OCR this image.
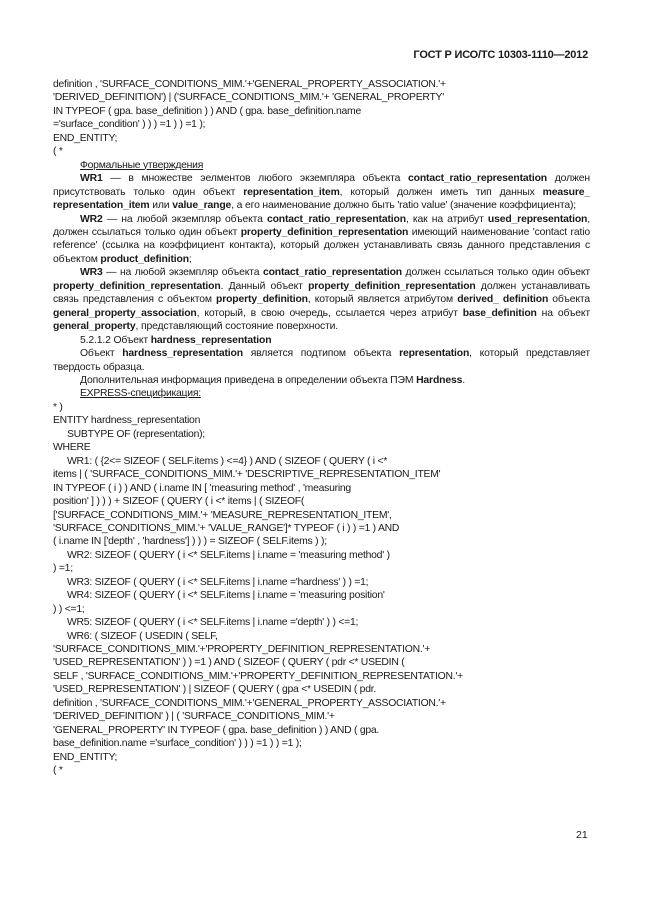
ГОСТ Р ИСО/ТС 10303-1110—2012
definition , 'SURFACE_CONDITIONS_MIM.'+'GENERAL_PROPERTY_ASSOCIATION.'+
'DERIVED_DEFINITION') | ('SURFACE_CONDITIONS_MIM.'+ 'GENERAL_PROPERTY'
IN TYPEOF ( gpa. base_definition ) ) AND ( gpa. base_definition.name
='surface_condition' ) ) ) =1 ) ) =1 );
END_ENTITY;
( *
Формальные утверждения
WR1 — в множестве эелментов любого экземпляра объекта contact_ratio_representation должен присутствовать только один объект representation_item, который должен иметь тип данных measure_ representation_item или value_range, а его наименование должно быть 'ratio value' (значение коэффициента);
WR2 — на любой экземпляр объекта contact_ratio_representation, как на атрибут used_representation, должен ссылаться только один объект property_definition_representation имеющий наименование 'contact ratio reference' (ссылка на коэффициент контакта), который должен устанавливать связь данного представления с объектом product_definition;
WR3 — на любой экземпляр объекта contact_ratio_representation должен ссылаться только один объект property_definition_representation. Данный объект property_definition_representation должен устанавливать связь представления с объектом property_definition, который является атрибутом derived_ definition объекта general_property_association, который, в свою очередь, ссылается через атрибут base_definition на объект general_property, представляющий состояние поверхности.
5.2.1.2 Объект hardness_representation
Объект hardness_representation является подтипом объекта representation, который представляет твердость образца.
Дополнительная информация приведена в определении объекта ПЭМ Hardness.
EXPRESS-спецификация:
* )
ENTITY hardness_representation
SUBTYPE OF (representation);
WHERE
WR1: ( {2<= SIZEOF ( SELF.items ) <=4} ) AND ( SIZEOF ( QUERY ( i <*
items | ( 'SURFACE_CONDITIONS_MIM.'+ 'DESCRIPTIVE_REPRESENTATION_ITEM'
IN TYPEOF ( i ) ) AND ( i.name IN [ 'measuring method' , 'measuring
position' ] ) ) ) + SIZEOF ( QUERY ( i <* items | ( SIZEOF(
['SURFACE_CONDITIONS_MIM.'+ 'MEASURE_REPRESENTATION_ITEM',
'SURFACE_CONDITIONS_MIM.'+ 'VALUE_RANGE']* TYPEOF ( i ) ) =1 ) AND
( i.name IN ['depth' , 'hardness'] ) ) ) = SIZEOF ( SELF.items ) );
WR2: SIZEOF ( QUERY ( i <* SELF.items | i.name = 'measuring method' )
) =1;
WR3: SIZEOF ( QUERY ( i <* SELF.items | i.name ='hardness' ) ) =1;
WR4: SIZEOF ( QUERY ( i <* SELF.items | i.name = 'measuring position'
) ) <=1;
WR5: SIZEOF ( QUERY ( i <* SELF.items | i.name ='depth' ) ) <=1;
WR6: ( SIZEOF ( USEDIN ( SELF,
'SURFACE_CONDITIONS_MIM.'+'PROPERTY_DEFINITION_REPRESENTATION.'+
'USED_REPRESENTATION' ) ) =1 ) AND ( SIZEOF ( QUERY ( pdr <* USEDIN (
SELF , 'SURFACE_CONDITIONS_MIM.'+'PROPERTY_DEFINITION_REPRESENTATION.'+
'USED_REPRESENTATION' ) | SIZEOF ( QUERY ( gpa <* USEDIN ( pdr.
definition , 'SURFACE_CONDITIONS_MIM.'+'GENERAL_PROPERTY_ASSOCIATION.'+
'DERIVED_DEFINITION' ) | ( 'SURFACE_CONDITIONS_MIM.'+
'GENERAL_PROPERTY' IN TYPEOF ( gpa. base_definition ) ) AND ( gpa.
base_definition.name ='surface_condition' ) ) ) =1 ) ) =1 );
END_ENTITY;
( *
21
